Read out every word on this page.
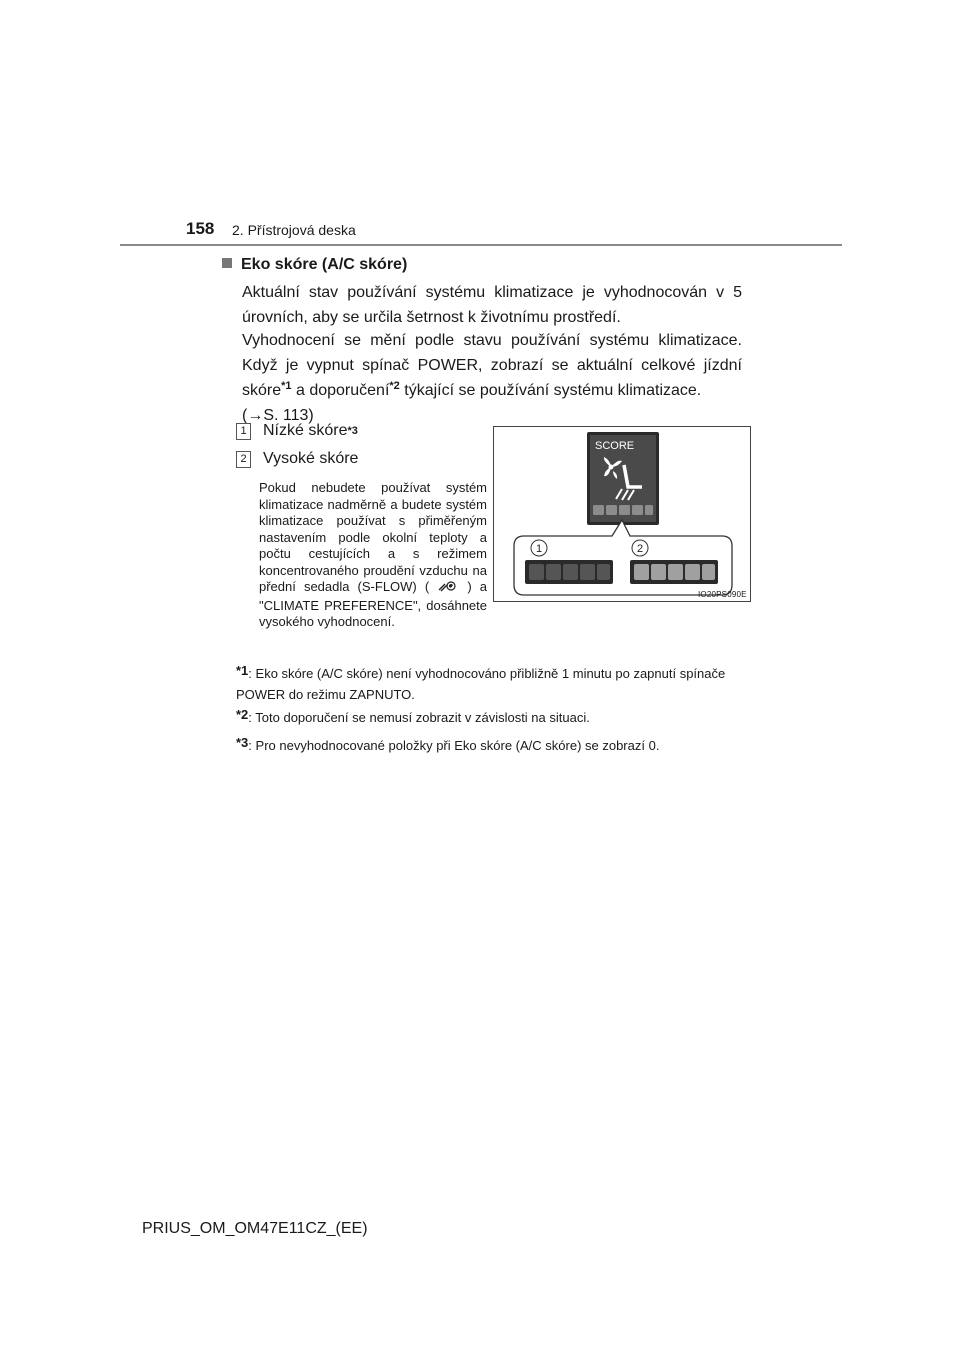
158 2. Přístrojová deska
Eko skóre (A/C skóre)
Aktuální stav používání systému klimatizace je vyhodnocován v 5 úrovních, aby se určila šetrnost k životnímu prostředí.
Vyhodnocení se mění podle stavu používání systému klimatizace. Když je vypnut spínač POWER, zobrazí se aktuální celkové jízdní skóre$^{*1}$ a doporučení$^{*2}$ týkající se používání systému klimatizace.
(→S. 113)
1 Nízké skóre *3
2 Vysoké skóre
Pokud nebudete používat systém klimatizace nadměrně a budete systém klimatizace používat s přiměřeným nastavením podle okolní teploty a počtu cestujících a s režimem koncentrovaného proudění vzduchu na přední sedadla (S-FLOW) (	) a "CLIMATE PREFERENCE", dosáhnete vysokého vyhodnocení.
SCORE
1	2
IO20PS090E
*1: Eko skóre (A/C skóre) není vyhodnocováno přibližně 1 minutu po zapnutí spínače POWER do režimu ZAPNUTO.
*2: Toto doporučení se nemusí zobrazit v závislosti na situaci.
*3: Pro nevyhodnocované položky při Eko skóre (A/C skóre) se zobrazí 0.
PRIUS_OM_OM47E11CZ_(EE)
